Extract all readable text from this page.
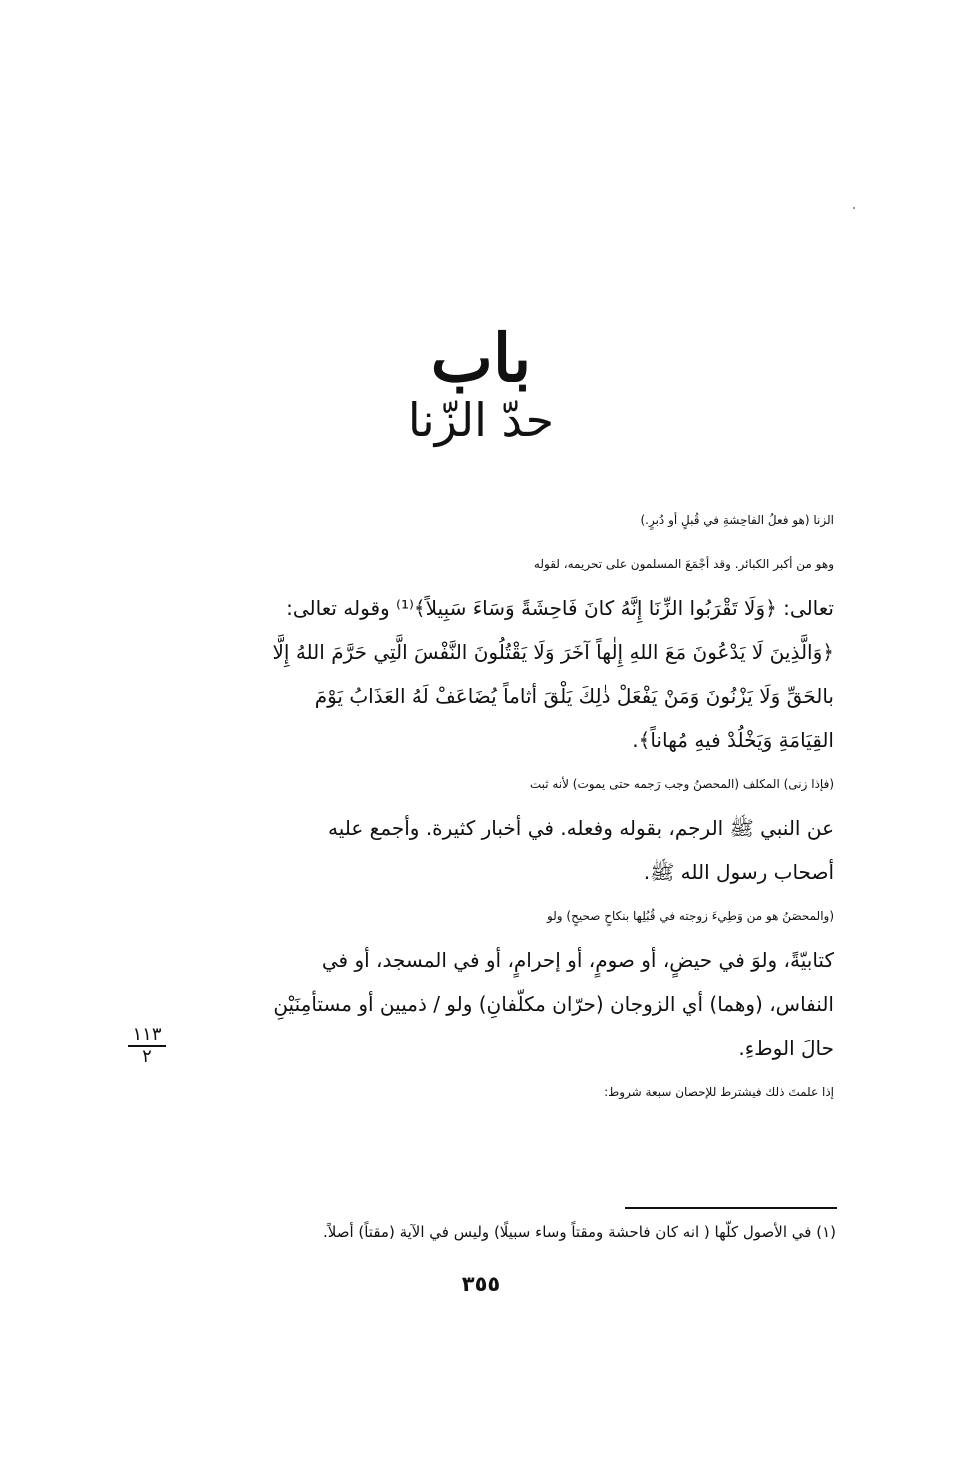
باب
حدّ الزّنا
الزنا (هو فعلُ الفاحِشةِ في قُبلٍ أو دُبرٍ.)
وهو من أكبر الكبائر. وقد أجْمَعَ المسلمون على تحريمه، لقوله
تعالى: ﴿وَلَا تَقْرَبُوا الزِّنَا إِنَّهُ كانَ فَاحِشَةً وَسَاءَ سَبِيلاً﴾⁽¹⁾ وقوله تعالى:
﴿وَالَّذِينَ لَا يَدْعُونَ مَعَ اللهِ إِلٰهاً آخَرَ وَلَا يَقْتُلُونَ النَّفْسَ الَّتِي حَرَّمَ اللهُ إِلَّا
بالحَقِّ وَلَا يَزْنُونَ وَمَنْ يَفْعَلْ ذٰلِكَ يَلْقَ أثاماً يُضَاعَفْ لَهُ العَذَابُ يَوْمَ
القِيَامَةِ وَيَخْلُدْ فيهِ مُهاناً﴾.
(فإذا زنى) المكلف (المحصنُ وجب رَجمه حتى يموت) لأنه ثبت
عن النبي ﷺ الرجم، بقوله وفعله. في أخبار كثيرة. وأجمع عليه
أصحاب رسول الله ﷺ.
(والمحصَنُ هو من وَطِيءَ زوجته في قُبُلِها بنكاحٍ صحيحٍ) ولو
كتابيّةً، ولوَ في حيضٍ، أو صومٍ، أو إحرامٍ، أو في المسجد، أو في
النفاس، (وهما) أي الزوجان (حرّان مكلّفانِ) ولو / ذميين أو مستأمِنَيْنِ
حالَ الوطءِ.
إذا علمتَ ذلك فيشترط للإحصان سبعة شروط:
١١٣
٢
(١) في الأصول كلّها ( انه كان فاحشة ومقتاً وساء سبيلًا) وليس في الآية (مقتاً) أصلاً.
٣٥٥
